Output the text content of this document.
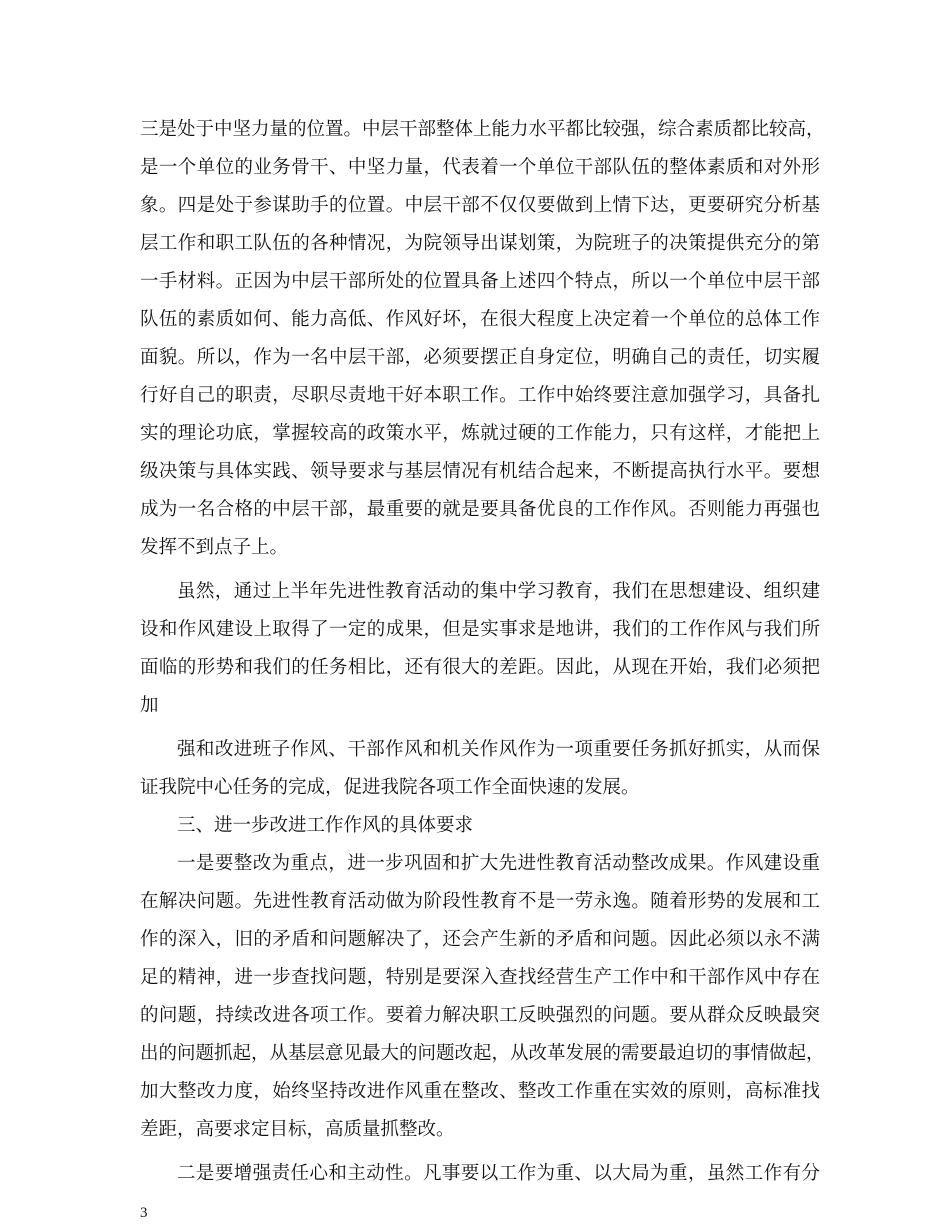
三是处于中坚力量的位置。中层干部整体上能力水平都比较强，综合素质都比较高，
是一个单位的业务骨干、中坚力量，代表着一个单位干部队伍的整体素质和对外形
象。四是处于参谋助手的位置。中层干部不仅仅要做到上情下达，更要研究分析基
层工作和职工队伍的各种情况，为院领导出谋划策，为院班子的决策提供充分的第
一手材料。正因为中层干部所处的位置具备上述四个特点，所以一个单位中层干部
队伍的素质如何、能力高低、作风好坏，在很大程度上决定着一个单位的总体工作
面貌。所以，作为一名中层干部，必须要摆正自身定位，明确自己的责任，切实履
行好自己的职责，尽职尽责地干好本职工作。工作中始终要注意加强学习，具备扎
实的理论功底，掌握较高的政策水平，炼就过硬的工作能力，只有这样，才能把上
级决策与具体实践、领导要求与基层情况有机结合起来，不断提高执行水平。要想
成为一名合格的中层干部，最重要的就是要具备优良的工作作风。否则能力再强也
发挥不到点子上。
虽然，通过上半年先进性教育活动的集中学习教育，我们在思想建设、组织建
设和作风建设上取得了一定的成果，但是实事求是地讲，我们的工作作风与我们所
面临的形势和我们的任务相比，还有很大的差距。因此，从现在开始，我们必须把
加
强和改进班子作风、干部作风和机关作风作为一项重要任务抓好抓实，从而保
证我院中心任务的完成，促进我院各项工作全面快速的发展。
三、进一步改进工作作风的具体要求
一是要整改为重点，进一步巩固和扩大先进性教育活动整改成果。作风建设重
在解决问题。先进性教育活动做为阶段性教育不是一劳永逸。随着形势的发展和工
作的深入，旧的矛盾和问题解决了，还会产生新的矛盾和问题。因此必须以永不满
足的精神，进一步查找问题，特别是要深入查找经营生产工作中和干部作风中存在
的问题，持续改进各项工作。要着力解决职工反映强烈的问题。要从群众反映最突
出的问题抓起，从基层意见最大的问题改起，从改革发展的需要最迫切的事情做起，
加大整改力度，始终坚持改进作风重在整改、整改工作重在实效的原则，高标准找
差距，高要求定目标，高质量抓整改。
二是要增强责任心和主动性。凡事要以工作为重、以大局为重，虽然工作有分
3
